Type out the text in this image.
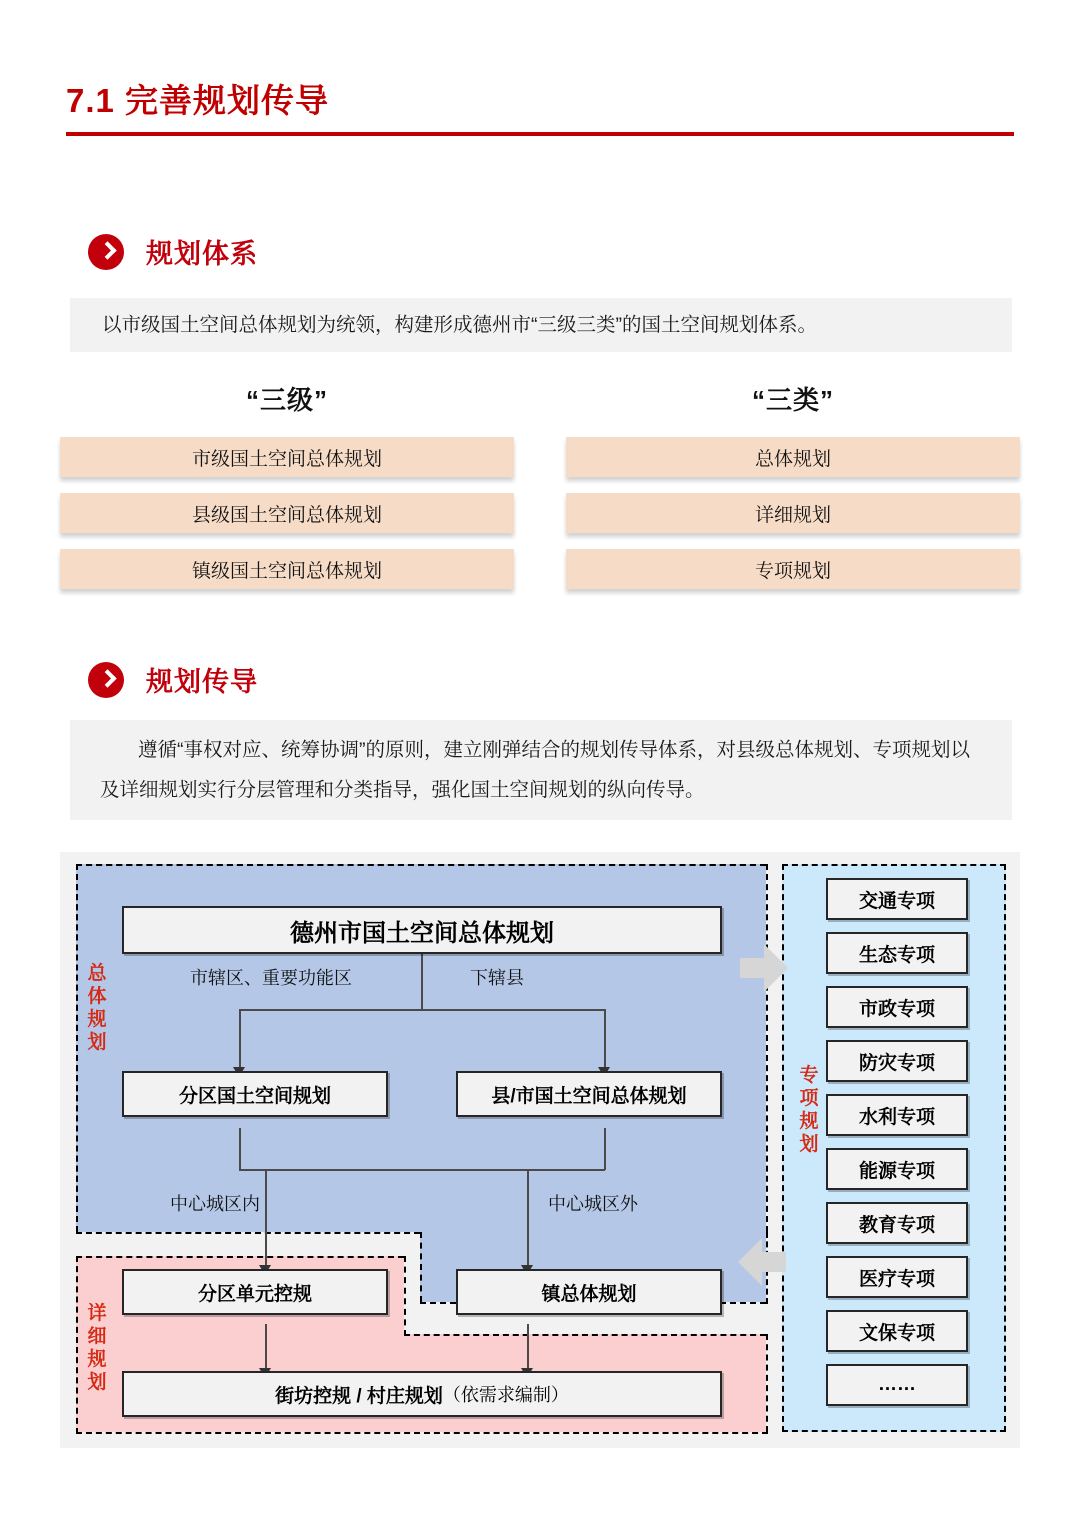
7.1 完善规划传导
规划体系

以市级国土空间总体规划为统领，构建形成德州市“三级三类”的国土空间规划体系。

“三级”
市级国土空间总体规划
县级国土空间总体规划
镇级国土空间总体规划
“三类”
总体规划
详细规划
专项规划
规划传导

遵循“事权对应、统筹协调”的原则，建立刚弹结合的规划传导体系，对县级总体规划、专项规划以及详细规划实行分层管理和分类指导，强化国土空间规划的纵向传导。

总
体
规
划
详
细
规
划
专
项
规
划
市辖区、重要功能区	下辖县
中心城区内	中心城区外
德州市国土空间总体规划
分区国土空间规划	县/市国土空间总体规划
分区单元控规	镇总体规划
街坊控规 / 村庄规划 （依需求编制）
交通专项
生态专项
市政专项
防灾专项
水利专项
能源专项
教育专项
医疗专项
文保专项
……
